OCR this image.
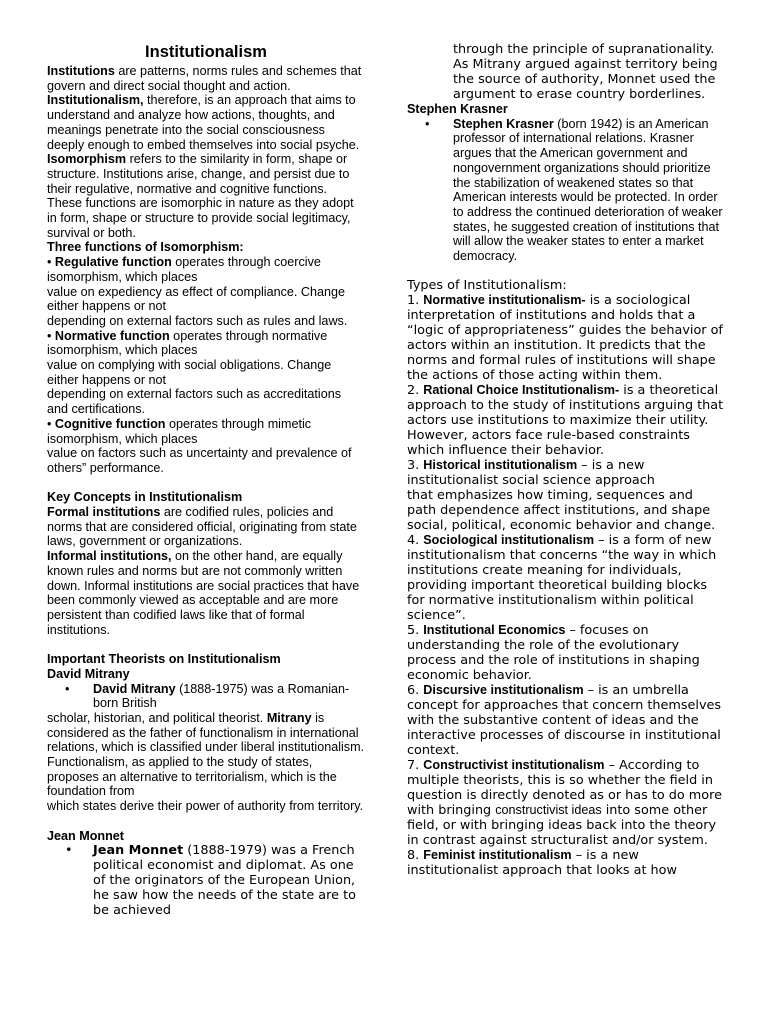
Institutionalism

Institutions are patterns, norms rules and schemes that govern and direct social thought and action.

Institutionalism, therefore, is an approach that aims to understand and analyze how actions, thoughts, and meanings penetrate into the social consciousness deeply enough to embed themselves into social psyche.

Isomorphism refers to the similarity in form, shape or structure. Institutions arise, change, and persist due to their regulative, normative and cognitive functions. These functions are isomorphic in nature as they adopt in form, shape or structure to provide social legitimacy, survival or both.

Three functions of Isomorphism:

• Regulative function operates through coercive isomorphism, which places

value on expediency as effect of compliance. Change either happens or not

depending on external factors such as rules and laws.

• Normative function operates through normative isomorphism, which places

value on complying with social obligations. Change either happens or not

depending on external factors such as accreditations and certifications.

• Cognitive function operates through mimetic isomorphism, which places

value on factors such as uncertainty and prevalence of others” performance.

Key Concepts in Institutionalism

Formal institutions are codified rules, policies and norms that are considered official, originating from state laws, government or organizations.

Informal institutions, on the other hand, are equally known rules and norms but are not commonly written down. Informal institutions are social practices that have been commonly viewed as acceptable and are more persistent than codified laws like that of formal institutions.

Important Theorists on Institutionalism

David Mitrany

• David Mitrany (1888-1975) was a Romanian-born British

scholar, historian, and political theorist. Mitrany is considered as the father of functionalism in international relations, which is classified under liberal institutionalism.

Functionalism, as applied to the study of states, proposes an alternative to territorialism, which is the foundation from

which states derive their power of authority from territory.

Jean Monnet

• Jean Monnet (1888-1979) was a French political economist and diplomat. As one of the originators of the European Union, he saw how the needs of the state are to be achieved

through the principle of supranationality. As Mitrany argued against territory being the source of authority, Monnet used the argument to erase country borderlines.

Stephen Krasner

• Stephen Krasner (born 1942) is an American professor of international relations. Krasner argues that the American government and nongovernment organizations should prioritize the stabilization of weakened states so that American interests would be protected. In order to address the continued deterioration of weaker states, he suggested creation of institutions that will allow the weaker states to enter a market democracy.

Types of Institutionalism:

1. Normative institutionalism- is a sociological interpretation of institutions and holds that a “logic of appropriateness” guides the behavior of actors within an institution. It predicts that the norms and formal rules of institutions will shape the actions of those acting within them.

2. Rational Choice Institutionalism- is a theoretical approach to the study of institutions arguing that actors use institutions to maximize their utility. However, actors face rule-based constraints which influence their behavior.

3. Historical institutionalism – is a new institutionalist social science approach

that emphasizes how timing, sequences and path dependence affect institutions, and shape social, political, economic behavior and change.

4. Sociological institutionalism – is a form of new institutionalism that concerns “the way in which institutions create meaning for individuals, providing important theoretical building blocks for normative institutionalism within political science”.

5. Institutional Economics – focuses on understanding the role of the evolutionary process and the role of institutions in shaping economic behavior.

6. Discursive institutionalism – is an umbrella concept for approaches that concern themselves with the substantive content of ideas and the interactive processes of discourse in institutional context.

7. Constructivist institutionalism – According to multiple theorists, this is so whether the field in question is directly denoted as or has to do more with bringing constructivist ideas into some other field, or with bringing ideas back into the theory in contrast against structuralist and/or system.

8. Feminist institutionalism – is a new institutionalist approach that looks at how
